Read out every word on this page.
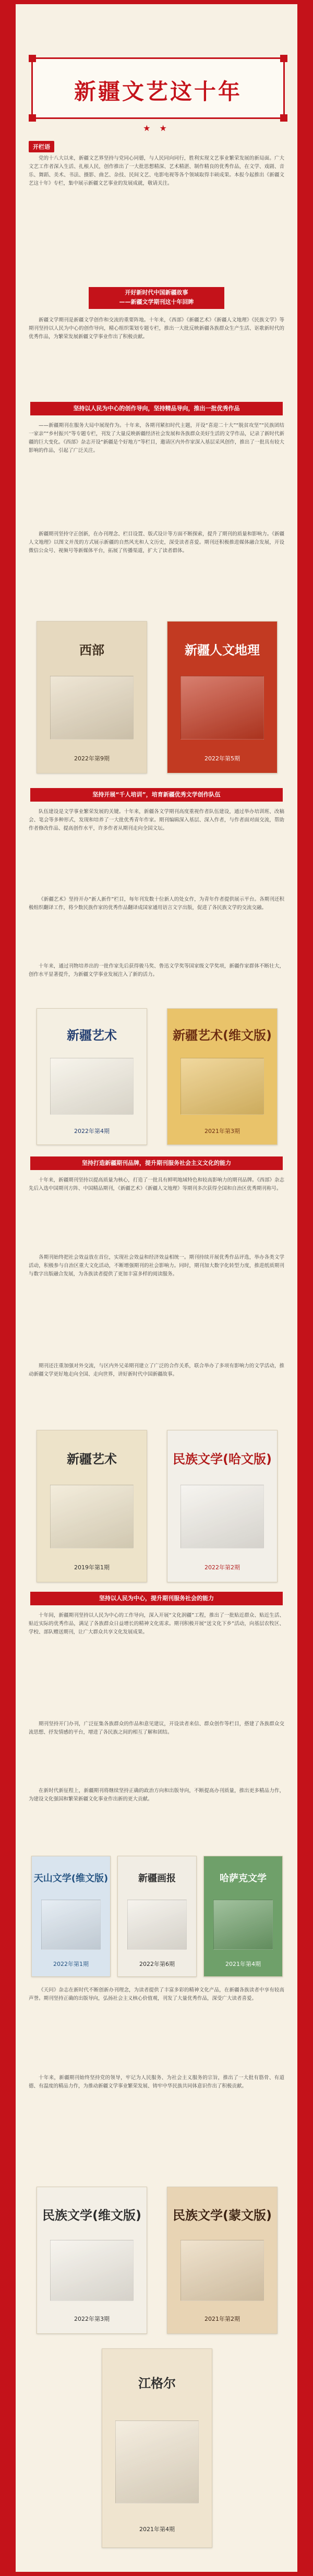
新疆文艺这十年
★ ★
开栏语
党的十八大以来，新疆文艺界坚持与党同心同德，与人民同向同行，胜利实现文艺事业繁荣发展的新局面。广大文艺工作者深入生活、扎根人民，创作推出了一大批思想精深、艺术精湛、制作精良的优秀作品，在文学、戏剧、音乐、舞蹈、美术、书法、摄影、曲艺、杂技、民间文艺、电影电视等各个领域取得丰硕成果。本报今起推出《新疆文艺这十年》专栏，集中展示新疆文艺事业的发展成就，敬请关注。
开好新时代中国新疆故事
——新疆文学期刊这十年回眸
新疆文学期刊是新疆文学创作和交流的重要阵地。十年来，《西部》《新疆艺术》《新疆人文地理》《民族文学》等期刊坚持以人民为中心的创作导向，精心组织策划专题专栏，推出一大批反映新疆各族群众生产生活、讴歌新时代的优秀作品，为繁荣发展新疆文学事业作出了积极贡献。
坚持以人民为中心的创作导向，坚持精品导向，推出一批优秀作品
——新疆期刊在服务大局中展现作为。十年来，各期刊紧扣时代主题，开设“喜迎二十大”“脱贫攻坚”“民族团结一家亲”“乡村振兴”等专题专栏，刊发了大量反映新疆经济社会发展和各族群众美好生活的文学作品，记录了新时代新疆的巨大变化。《西部》杂志开设“新疆是个好地方”等栏目，邀请区内外作家深入基层采风创作，推出了一批具有较大影响的作品，引起了广泛关注。
新疆期刊坚持守正创新，在办刊理念、栏目设置、版式设计等方面不断探索，提升了期刊的质量和影响力。《新疆人文地理》以图文并茂的方式展示新疆的自然风光和人文历史，深受读者喜爱。期刊还积极推进媒体融合发展，开设微信公众号、视频号等新媒体平台，拓展了传播渠道，扩大了读者群体。
西部
2022年第9期
新疆人文地理
2022年第5期
坚持开展“千人培训”，培育新疆优秀文学创作队伍
队伍建设是文学事业繁荣发展的关键。十年来，新疆各文学期刊高度重视作者队伍建设，通过举办培训班、改稿会、笔会等多种形式，发现和培养了一大批优秀青年作家。期刊编辑深入基层、深入作者，与作者面对面交流，帮助作者修改作品、提高创作水平，许多作者从期刊走向全国文坛。
《新疆艺术》坚持开办“新人新作”栏目，每年刊发数十位新人的处女作，为青年作者提供展示平台。各期刊还积极组织翻译工作，将少数民族作家的优秀作品翻译成国家通用语言文字出版，促进了各民族文学的交流交融。
十年来，通过刊物培养出的一批作家先后获得骏马奖、鲁迅文学奖等国家级文学奖项，新疆作家群体不断壮大，创作水平显著提升，为新疆文学事业发展注入了新的活力。
新疆艺术
2022年第4期
新疆艺术(维文版)
2021年第3期
坚持打造新疆期刊品牌，提升期刊服务社会主义文化的能力
十年来，新疆期刊坚持以提高质量为核心，打造了一批具有鲜明地域特色和较高影响力的期刊品牌。《西部》杂志先后入选中国期刊方阵、中国精品期刊，《新疆艺术》《新疆人文地理》等期刊多次获得全国和自治区优秀期刊称号。
各期刊始终把社会效益放在首位，实现社会效益和经济效益相统一。期刊持续开展优秀作品评选，举办各类文学活动，积极参与自治区重大文化活动，不断增强期刊的社会影响力。同时，期刊加大数字化转型力度，推进纸质期刊与数字出版融合发展，为各族读者提供了更加丰富多样的阅读服务。
期刊还注重加强对外交流，与区内外兄弟期刊建立了广泛的合作关系，联合举办了多项有影响力的文学活动，推动新疆文学更好地走向全国、走向世界，讲好新时代中国新疆故事。
新疆艺术
2019年第1期
民族文学(哈文版)
2022年第2期
坚持以人民为中心，提升期刊服务社会的能力
十年间，新疆期刊坚持以人民为中心的工作导向，深入开展“文化润疆”工程，推出了一批贴近群众、贴近生活、贴近实际的优秀作品，满足了各族群众日益增长的精神文化需求。期刊积极开展“送文化下乡”活动，向基层农牧区、学校、部队赠送期刊，让广大群众共享文化发展成果。
期刊坚持开门办刊，广泛征集各族群众的作品和意见建议，开设读者来信、群众创作等栏目，搭建了各族群众交流思想、抒发情感的平台，增进了各民族之间的相互了解和团结。
在新时代新征程上，新疆期刊将继续坚持正确的政治方向和出版导向，不断提高办刊质量，推出更多精品力作，为建设文化强国和繁荣新疆文化事业作出新的更大贡献。
天山文学(维文版)
2022年第1期
新疆画报
2022年第6期
哈萨克文学
2021年第4期
《天问》杂志在新时代不断创新办刊理念，为读者提供了丰富多彩的精神文化产品，在新疆各族读者中享有较高声誉。期刊坚持正确的出版导向，弘扬社会主义核心价值观，刊发了大量优秀作品，深受广大读者喜爱。
十年来，新疆期刊始终坚持党的领导，牢记为人民服务、为社会主义服务的宗旨，推出了一大批有筋骨、有道德、有温度的精品力作，为推动新疆文学事业繁荣发展、铸牢中华民族共同体意识作出了积极贡献。
民族文学(维文版)
2022年第3期
民族文学(蒙文版)
2021年第2期
江格尔
2021年第4期
